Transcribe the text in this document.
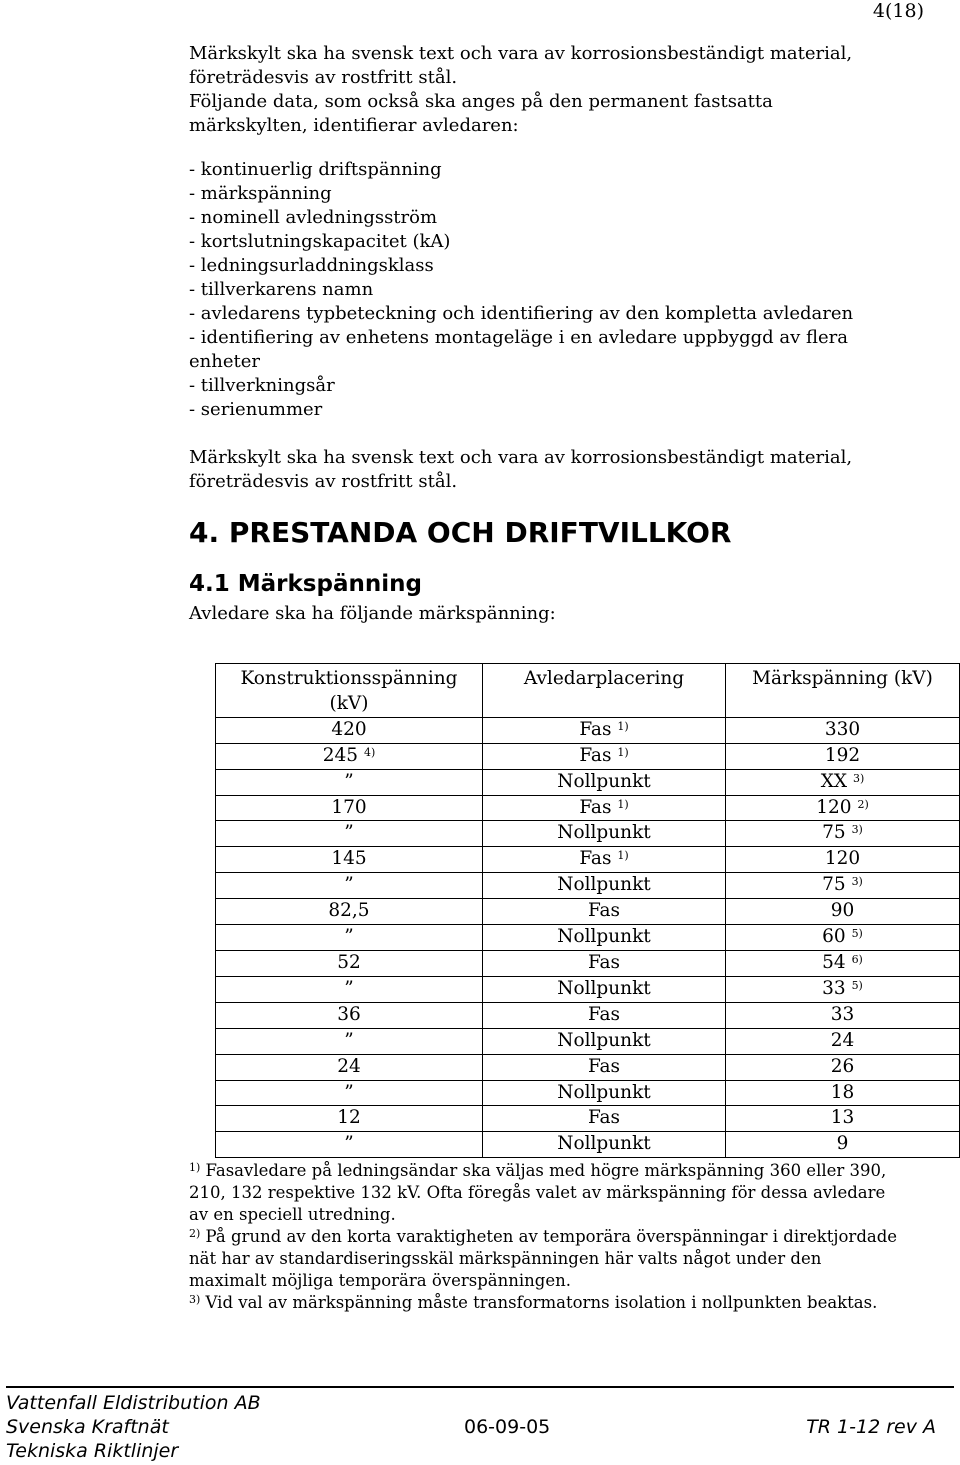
4(18)

Märkskylt ska ha svensk text och vara av korrosionsbeständigt material,

företrädesvis av rostfritt stål.

Följande data, som också ska anges på den permanent fastsatta

märkskylten, identifierar avledaren:

- kontinuerlig driftspänning
- märkspänning
- nominell avledningsström
- kortslutningskapacitet (kA)
- ledningsurladdningsklass
- tillverkarens namn
- avledarens typbeteckning och identifiering av den kompletta avledaren
- identifiering av enhetens montageläge i en avledare uppbyggd av flera
enheter
- tillverkningsår
- serienummer

Märkskylt ska ha svensk text och vara av korrosionsbeständigt material,

företrädesvis av rostfritt stål.

4. PRESTANDA OCH DRIFTVILLKOR
4.1 Märkspänning

Avledare ska ha följande märkspänning:

Konstruktionsspänning
(kV)	Avledarplacering	Märkspänning (kV)
420	Fas $^{1)}$	330
245 $^{4)}$	Fas $^{1)}$	192
”	Nollpunkt	XX $^{3)}$
170	Fas $^{1)}$	120 $^{2)}$
”	Nollpunkt	75 $^{3)}$
145	Fas $^{1)}$	120
”	Nollpunkt	75 $^{3)}$
82,5	Fas	90
”	Nollpunkt	60 $^{5)}$
52	Fas	54 $^{6)}$
”	Nollpunkt	33 $^{5)}$
36	Fas	33
”	Nollpunkt	24
24	Fas	26
”	Nollpunkt	18
12	Fas	13
”	Nollpunkt	9

$^{1)}$ Fasavledare på ledningsändar ska väljas med högre märkspänning 360 eller 390,

210, 132 respektive 132 kV. Ofta föregås valet av märkspänning för dessa avledare

av en speciell utredning.

$^{2)}$ På grund av den korta varaktigheten av temporära överspänningar i direktjordade

nät har av standardiseringsskäl märkspänningen här valts något under den

maximalt möjliga temporära överspänningen.

$^{3)}$ Vid val av märkspänning måste transformatorns isolation i nollpunkten beaktas.

Vattenfall Eldistribution AB
Svenska Kraftnät	06-09-05	TR 1-12 rev A
Tekniska Riktlinjer
